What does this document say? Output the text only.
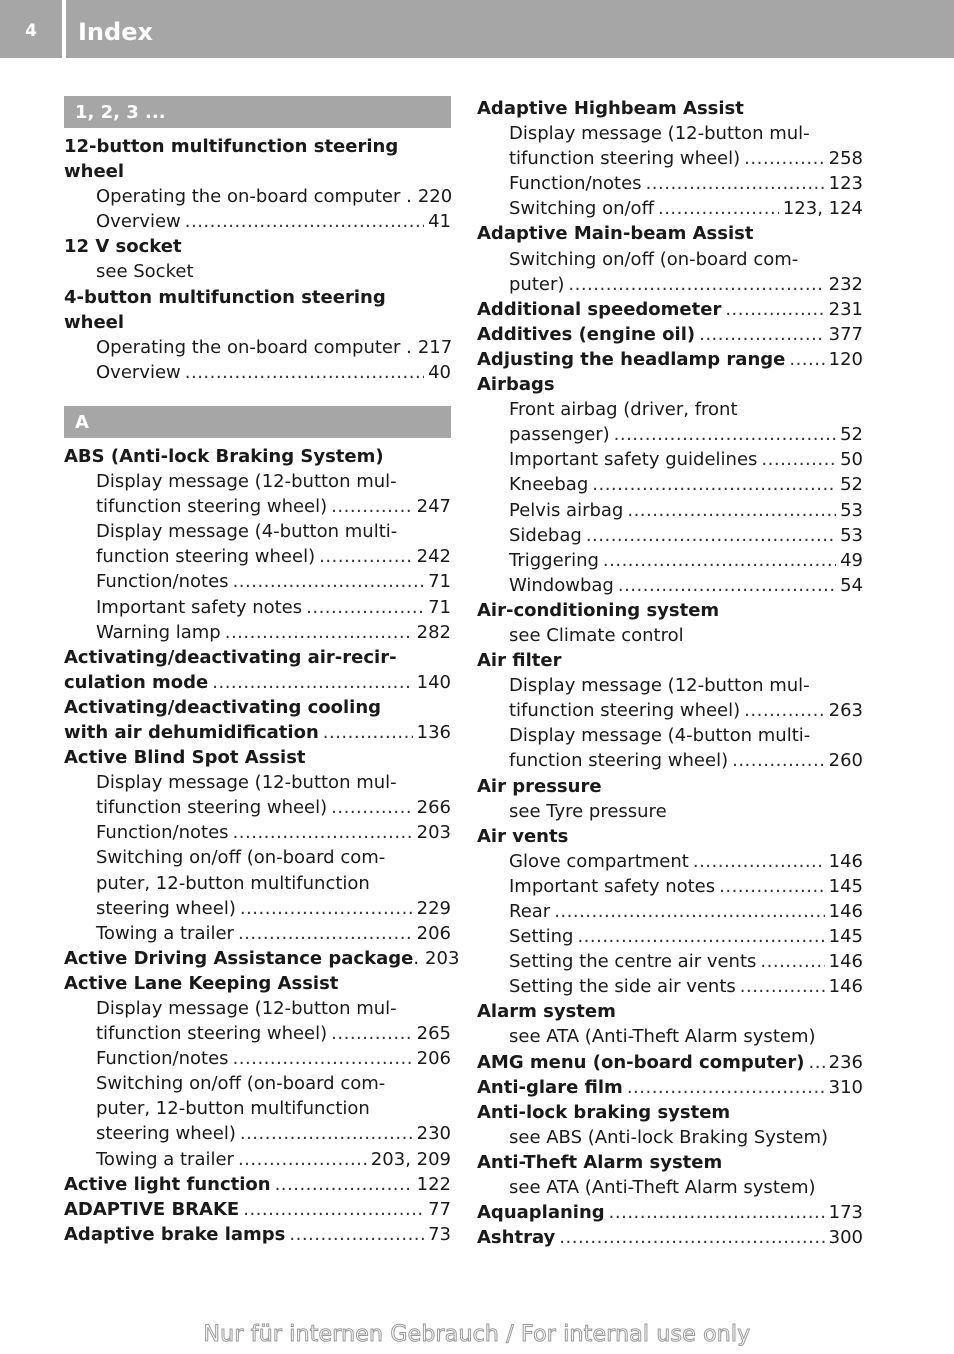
4	Index
1, 2, 3 ...
12-button multifunction steering
wheel
Operating the on-board computer . 220
Overview .....	41
12 V socket
see Socket
4-button multifunction steering
wheel
Operating the on-board computer . 217
Overview .....	40
A
ABS (Anti-lock Braking System)
Display message (12-button mul-
tifunction steering wheel) .....	247
Display message (4-button multi-
function steering wheel) .....	242
Function/notes .....	71
Important safety notes .....	71
Warning lamp .....	282
Activating/deactivating air-recir-
culation mode .....	140
Activating/deactivating cooling
with air dehumidification .....	136
Active Blind Spot Assist
Display message (12-button mul-
tifunction steering wheel) .....	266
Function/notes .....	203
Switching on/off (on-board com-
puter, 12-button multifunction
steering wheel) .....	229
Towing a trailer .....	206
Active Driving Assistance package . 203
Active Lane Keeping Assist
Display message (12-button mul-
tifunction steering wheel) .....	265
Function/notes .....	206
Switching on/off (on-board com-
puter, 12-button multifunction
steering wheel) .....	230
Towing a trailer .....	203, 209
Active light function .....	122
ADAPTIVE BRAKE .....	77
Adaptive brake lamps .....	73
Adaptive Highbeam Assist
Display message (12-button mul-
tifunction steering wheel) .....	258
Function/notes .....	123
Switching on/off .....	123, 124
Adaptive Main-beam Assist
Switching on/off (on-board com-
puter) .....	232
Additional speedometer .....	231
Additives (engine oil) .....	377
Adjusting the headlamp range ..... 120
Airbags
Front airbag (driver, front
passenger) .....	52
Important safety guidelines .....	50
Kneebag .....	52
Pelvis airbag .....	53
Sidebag .....	53
Triggering .....	49
Windowbag .....	54
Air-conditioning system
see Climate control
Air filter
Display message (12-button mul-
tifunction steering wheel) .....	263
Display message (4-button multi-
function steering wheel) .....	260
Air pressure
see Tyre pressure
Air vents
Glove compartment .....	146
Important safety notes .....	145
Rear .....	146
Setting .....	145
Setting the centre air vents .....	146
Setting the side air vents .....	146
Alarm system
see ATA (Anti-Theft Alarm system)
AMG menu (on-board computer) ..... 236
Anti-glare film .....	310
Anti-lock braking system
see ABS (Anti-lock Braking System)
Anti-Theft Alarm system
see ATA (Anti-Theft Alarm system)
Aquaplaning .....	173
Ashtray .....	300
Nur für internen Gebrauch / For internal use only
